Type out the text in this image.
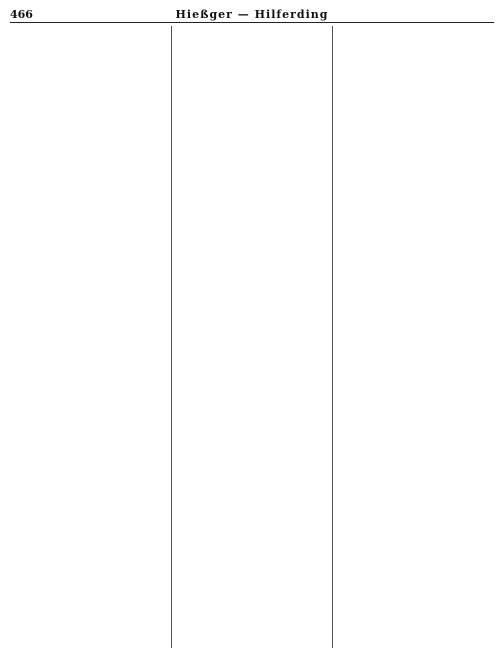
466	Hießger — Hilferding
